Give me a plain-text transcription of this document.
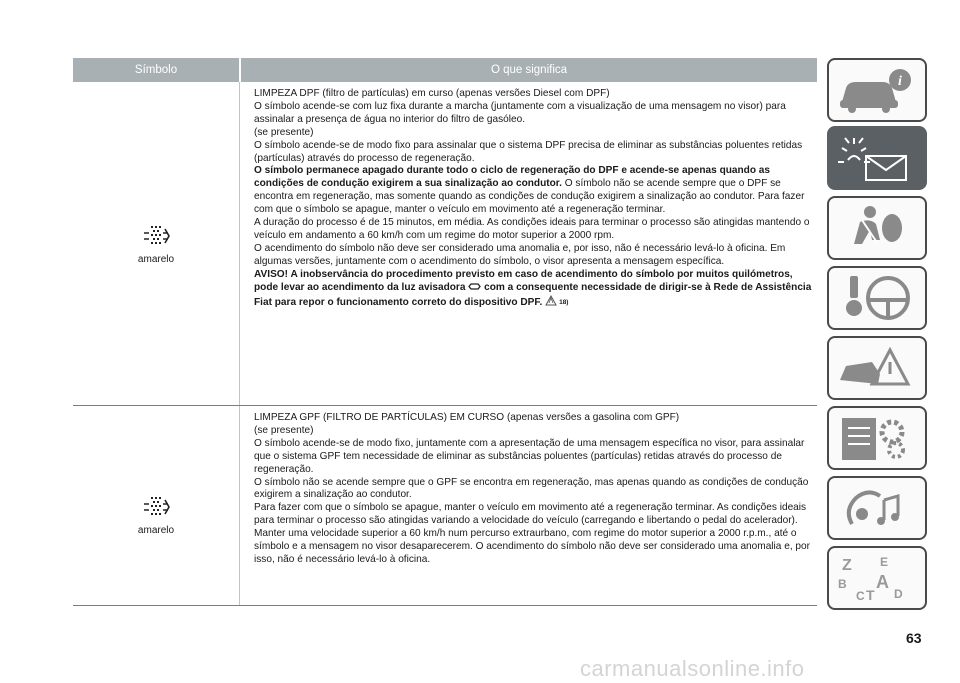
Símbolo	O que significa
amarelo
LIMPEZA DPF (filtro de partículas) em curso (apenas versões Diesel com DPF)
O símbolo acende-se com luz fixa durante a marcha (juntamente com a visualização de uma mensagem no visor) para assinalar a presença de água no interior do filtro de gasóleo.
(se presente)
O símbolo acende-se de modo fixo para assinalar que o sistema DPF precisa de eliminar as substâncias poluentes retidas (partículas) através do processo de regeneração.
O símbolo permanece apagado durante todo o ciclo de regeneração do DPF e acende-se apenas quando as condições de condução exigirem a sua sinalização ao condutor. O símbolo não se acende sempre que o DPF se encontra em regeneração, mas somente quando as condições de condução exigirem a sinalização ao condutor. Para fazer com que o símbolo se apague, manter o veículo em movimento até a regeneração terminar.
A duração do processo é de 15 minutos, em média. As condições ideais para terminar o processo são atingidas mantendo o veículo em andamento a 60 km/h com um regime do motor superior a 2000 rpm.
O acendimento do símbolo não deve ser considerado uma anomalia e, por isso, não é necessário levá-lo à oficina. Em algumas versões, juntamente com o acendimento do símbolo, o visor apresenta a mensagem específica.
AVISO! A inobservância do procedimento previsto em caso de acendimento do símbolo por muitos quilómetros, pode levar ao acendimento da luz avisadora com a consequente necessidade de dirigir-se à Rede de Assistência Fiat para repor o funcionamento correto do dispositivo DPF.	18)
amarelo
LIMPEZA GPF (FILTRO DE PARTÍCULAS) EM CURSO (apenas versões a gasolina com GPF)
(se presente)
O símbolo acende-se de modo fixo, juntamente com a apresentação de uma mensagem específica no visor, para assinalar que o sistema GPF tem necessidade de eliminar as substâncias poluentes (partículas) retidas através do processo de regeneração.
O símbolo não se acende sempre que o GPF se encontra em regeneração, mas apenas quando as condições de condução exigirem a sinalização ao condutor.
Para fazer com que o símbolo se apague, manter o veículo em movimento até a regeneração terminar. As condições ideais para terminar o processo são atingidas variando a velocidade do veículo (carregando e libertando o pedal do acelerador).
Manter uma velocidade superior a 60 km/h num percurso extraurbano, com regime do motor superior a 2000 r.p.m., até o símbolo e a mensagem no visor desaparecerem. O acendimento do símbolo não deve ser considerado uma anomalia e, por isso, não é necessário levá-lo à oficina.
i
Z E
B A
C D
T
63
carmanualsonline.info
